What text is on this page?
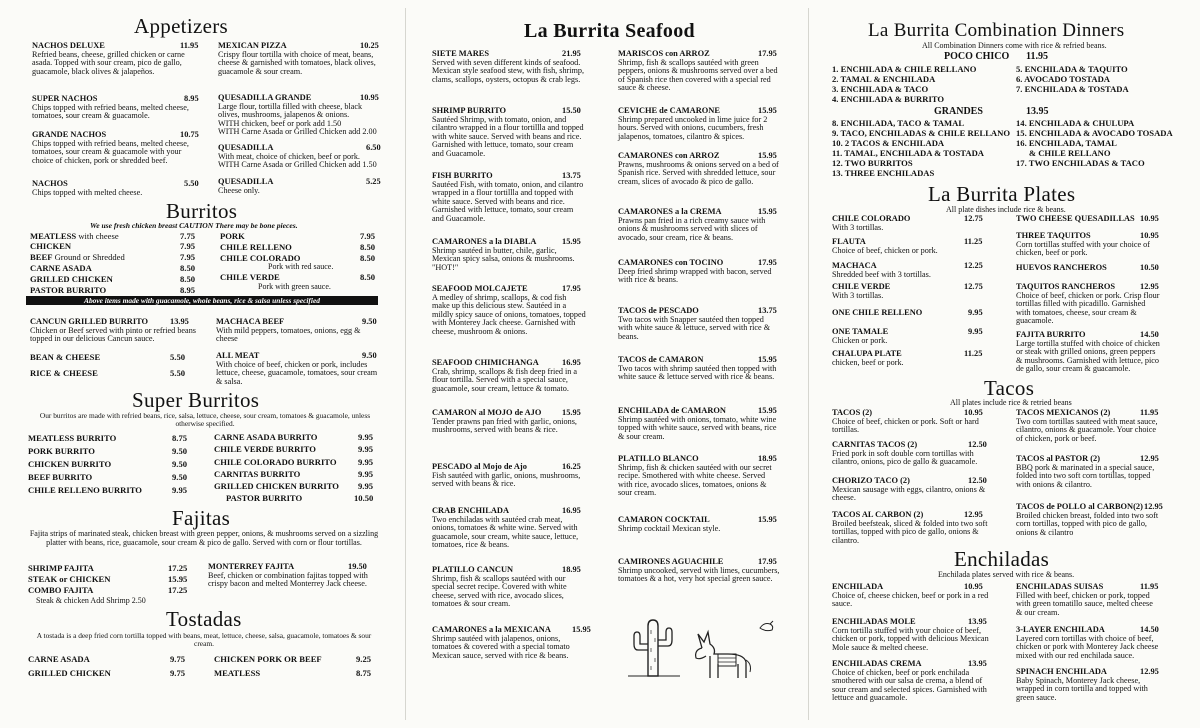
Appetizers
NACHOS DELUXE	11.95
Refried beans, cheese, grilled chicken or carne asada. Topped with sour cream, pico de gallo, guacamole, black olives & jalapeños.
SUPER NACHOS	8.95
Chips topped with refried beans, melted cheese, tomatoes, sour cream & guacamole.
GRANDE NACHOS	10.75
Chips topped with refried beans, melted cheese, tomatoes, sour cream & guacamole with your choice of chicken, pork or shredded beef.
NACHOS	5.50
Chips topped with melted cheese.
MEXICAN PIZZA	10.25
Crispy flour tortilla with choice of meat, beans, cheese & garnished with tomatoes, black olives, guacamole & sour cream.
QUESADILLA GRANDE	10.95
Large flour, tortilla filled with cheese, black olives, mushrooms, jalapenos & onions.
WITH chicken, beef or pork add 1.50
WITH Carne Asada or Grilled Chicken add 2.00
QUESADILLA	6.50
With meat, choice of chicken, beef or pork.
WITH Carne Asada or Grilled Chicken add 1.50
QUESADILLA	5.25
Cheese only.
Burritos
We use fresh chicken breast CAUTION There may be bone pieces.
MEATLESS with cheese	7.75
CHICKEN	7.95
BEEF Ground or Shredded	7.95
CARNE ASADA	8.50
GRILLED CHICKEN	8.50
PASTOR BURRITO	8.95
PORK	7.95
CHILE RELLENO	8.50
CHILE COLORADO	8.50
Pork with red sauce.
CHILE VERDE	8.50
Pork with green sauce.
Above items made with guacamole, whole beans, rice & salsa unless specified
CANCUN GRILLED BURRITO	13.95
Chicken or Beef served with pinto or refried beans topped in our delicious Cancun sauce.
BEAN & CHEESE	5.50
RICE & CHEESE	5.50
MACHACA BEEF	9.50
With mild peppers, tomatoes, onions, egg & cheese
ALL MEAT	9.50
With choice of beef, chicken or pork, includes lettuce, cheese, guacamole, tomatoes, sour cream & salsa.
Super Burritos
Our burritos are made with refried beans, rice, salsa, lettuce, cheese, sour cream, tomatoes & guacamole, unless otherwise specified.
MEATLESS BURRITO	8.75
PORK BURRITO	9.50
CHICKEN BURRITO	9.50
BEEF BURRITO	9.50
CHILE RELLENO BURRITO	9.95
CARNE ASADA BURRITO	9.95
CHILE VERDE BURRITO	9.95
CHILE COLORADO BURRITO 9.95
CARNITAS BURRITO	9.95
GRILLED CHICKEN BURRITO 9.95
PASTOR BURRITO	10.50
Fajitas
Fajita strips of marinated steak, chicken breast with green pepper, onions, & mushrooms served on a sizzling platter with beans, rice, guacamole, sour cream & pico de gallo. Served with corn or flour tortillas.
SHRIMP FAJITA	17.25
STEAK or CHICKEN	15.95
COMBO FAJITA	17.25
Steak & chicken Add Shrimp 2.50
MONTERREY FAJITA	19.50
Beef, chicken or combination fajitas topped with crispy bacon and melted Monterrey Jack cheese.
Tostadas
A tostada is a deep fried corn tortilla topped with beans, meat, lettuce, cheese, salsa, guacamole, tomatoes & sour cream.
CARNE ASADA	9.75
GRILLED CHICKEN	9.75
CHICKEN PORK OR BEEF	9.25
MEATLESS	8.75
La Burrita Seafood
SIETE MARES	21.95
Served with seven different kinds of seafood. Mexican style seafood stew, with fish, shrimp, clams, scallops, oysters, octopus & crab legs.
SHRIMP BURRITO	15.50
Sautéed Shrimp, with tomato, onion, and cilantro wrapped in a flour tortillla and topped with white sauce. Served with beans and rice. Garnished with lettuce, tomato, sour cream and Guacamole.
FISH BURRITO	13.75
Sautéed Fish, with tomato, onion, and cilantro wrapped in a flour tortillla and topped with white sauce. Served with beans and rice. Garnished with lettuce, tomato, sour cream and Guacamole.
CAMARONES a la DIABLA	15.95
Shrimp sautéed in butter, chile, garlic, Mexican spicy salsa, onions & mushrooms. "HOT!"
SEAFOOD MOLCAJETE	17.95
A medley of shrimp, scallops, & cod fish make up this delicious stew. Sautéed in a mildly spicy sauce of onions, tomatoes, topped with Monterey Jack cheese. Garnished with cheese, mushroom & onions.
SEAFOOD CHIMICHANGA	16.95
Crab, shrimp, scallops & fish deep fried in a flour tortilla. Served with a special sauce, guacamole, sour cream, lettuce & tomato.
CAMARON al MOJO de AJO 15.95
Tender prawns pan fried with garlic, onions, mushrooms, served with beans & rice.
PESCADO al Mojo de Ajo	16.25
Fish sautéed with garlic, onions, mushrooms, served with beans & rice.
CRAB ENCHILADA	16.95
Two enchiladas with sautéed crab meat, onions, tomatoes & white wine. Served with guacamole, sour cream, white sauce, lettuce, tomatoes, rice & beans.
PLATILLO CANCUN	18.95
Shrimp, fish & scallops sautéed with our special secret recipe. Covered with white cheese, served with rice, avocado slices, tomatoes & sour cream.
CAMARONES a la MEXICANA	15.95
Shrimp sautéed with jalapenos, onions, tomatoes & covered with a special tomato Mexican sauce, served with rice & beans.
MARISCOS con ARROZ	17.95
Shrimp, fish & scallops sautéed with green peppers, onions & mushrooms served over a bed of Spanish rice then covered with a special red sauce & cheese.
CEVICHE de CAMARONE	15.95
Shrimp prepared uncooked in lime juice for 2 hours. Served with onions, cucumbers, fresh jalapenos, tomatoes, cilantro & spices.
CAMARONES con ARROZ	15.95
Prawns, mushrooms & onions served on a bed of Spanish rice. Served with shredded lettuce, sour cream, slices of avocado & pico de gallo.
CAMARONES a la CREMA	15.95
Prawns pan fried in a rich creamy sauce with onions & mushrooms served with slices of avocado, sour cream, rice & beans.
CAMARONES con TOCINO	17.95
Deep fried shrimp wrapped with bacon, served with rice & beans.
TACOS de PESCADO	13.75
Two tacos with Snapper sautéed then topped with white sauce & lettuce, served with rice & beans.
TACOS de CAMARON	15.95
Two tacos with shrimp sautéed then topped with white sauce & lettuce served with rice & beans.
ENCHILADA de CAMARON	15.95
Shrimp sautéed with onions, tomato, white wine topped with white sauce, served with beans, rice & sour cream.
PLATILLO BLANCO	18.95
Shrimp, fish & chicken sautéed with our secret recipe. Smothered with white cheese. Served with rice, avocado slices, tomatoes, onions & sour cream.
CAMARON COCKTAIL	15.95
Shrimp cocktail Mexican style.
CAMIRONES AGUACHILE	17.95
Shrimp uncooked, served with limes, cucumbers, tomatoes & a hot, very hot special green sauce.
La Burrita Combination Dinners
All Combination Dinners come with rice & refried beans.
POCO CHICO 11.95
1. ENCHILADA & CHILE RELLANO
2. TAMAL & ENCHILADA
3. ENCHILADA & TACO
4. ENCHILADA & BURRITO
5. ENCHILADA & TAQUITO
6. AVOCADO TOSTADA
7. ENCHILADA & TOSTADA
GRANDES	13.95
8. ENCHILADA, TACO & TAMAL
9. TACO, ENCHILADAS & CHILE RELLANO
10. 2 TACOS & ENCHILADA
11. TAMAL, ENCHILADA & TOSTADA
12. TWO BURRITOS
13. THREE ENCHILADAS
14. ENCHILADA & CHULUPA
15. ENCHILADA & AVOCADO TOSADA
16. ENCHILADA, TAMAL
& CHILE RELLANO
17. TWO ENCHILADAS & TACO
La Burrita Plates
All plate dishes include rice & beans.
CHILE COLORADO	12.75
With 3 tortillas.
FLAUTA	11.25
Choice of beef, chicken or pork.
MACHACA	12.25
Shredded beef with 3 tortillas.
CHILE VERDE	12.75
With 3 tortillas.
ONE CHILE RELLENO	9.95
ONE TAMALE	9.95
Chicken or pork.
CHALUPA PLATE	11.25
chicken, beef or pork.
TWO CHEESE QUESADILLAS 10.95
THREE TAQUITOS	10.95
Corn tortillas stuffed with your choice of chicken, beef or pork.
HUEVOS RANCHEROS	10.50
TAQUITOS RANCHEROS	12.95
Choice of beef, chicken or pork. Crisp flour tortillas filled with picadillo. Garnished with tomatoes, cheese, sour cream & guacamole.
FAJITA BURRITO	14.50
Large tortilla stuffed with choice of chicken or steak with grilled onions, green peppers & mushrooms. Garnished with lettuce, pico de gallo, sour cream & guacamole.
Tacos
All plates include rice & retried beans
TACOS (2)	10.95
Choice of beef, chicken or pork. Soft or hard tortillas.
CARNITAS TACOS (2)	12.50
Fried pork in soft double corn tortillas with cilantro, onions, pico de gallo & guacamole.
CHORIZO TACO (2)	12.50
Mexican sausage with eggs, cilantro, onions & cheese.
TACOS AL CARBON (2)	12.95
Broiled beefsteak, sliced & folded into two soft tortillas, topped with pico de gallo, onions & cilantro.
TACOS MEXICANOS (2)	11.95
Two corn tortillas sauteed with meat sauce, cilantro, onions & guacamole. Your choice of chicken, pork or beef.
TACOS al PASTOR (2)	12.95
BBQ pork & marinated in a special sauce, folded into two soft corn tortillas, topped with onions & cilantro.
TACOS de POLLO al CARBON(2) 12.95
Broiled chicken breast, folded into two soft corn tortillas, topped with pico de gallo, onions & cilantro
Enchiladas
Enchilada plates served with rice & beans.
ENCHILADA	10.95
Choice of, cheese chicken, beef or pork in a red sauce.
ENCHILADAS MOLE	13.95
Corn tortilla stuffed with your choice of beef, chicken or pork, topped with delicious Mexican Mole sauce & melted cheese.
ENCHILADAS CREMA	13.95
Choice of chicken, beef or pork enchilada smothered with our salsa de crema, a blend of sour cream and selected spices. Garnished with lettuce and guacamole.
ENCHILADAS SUISAS	11.95
Filled with beef, chicken or pork, topped with green tomatillo sauce, melted cheese & our cream.
3-LAYER ENCHILADA	14.50
Layered corn tortillas with choice of beef, chicken or pork with Monterey Jack cheese mixed with our red enchilada sauce.
SPINACH ENCHILADA	12.95
Baby Spinach, Monterey Jack cheese, wrapped in corn tortilla and topped with green sauce.
